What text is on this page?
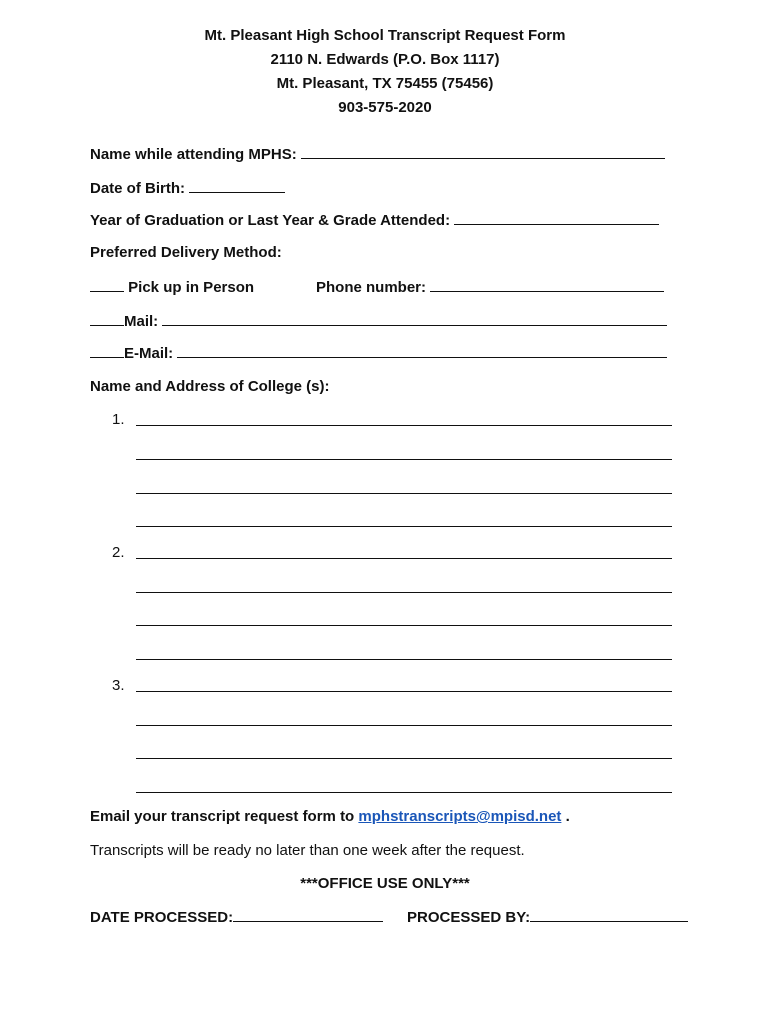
Mt. Pleasant High School Transcript Request Form
2110 N. Edwards (P.O. Box 1117)
Mt. Pleasant, TX 75455 (75456)
903-575-2020
Name while attending MPHS:
Date of Birth:
Year of Graduation or Last Year & Grade Attended:
Preferred Delivery Method:
Pick up in Person	Phone number:
Mail:
E-Mail:
Name and Address of College (s):
1.
2.
3.
Email your transcript request form to mphstranscripts@mpisd.net .
Transcripts will be ready no later than one week after the request.
***OFFICE USE ONLY***
DATE PROCESSED:	PROCESSED BY:
